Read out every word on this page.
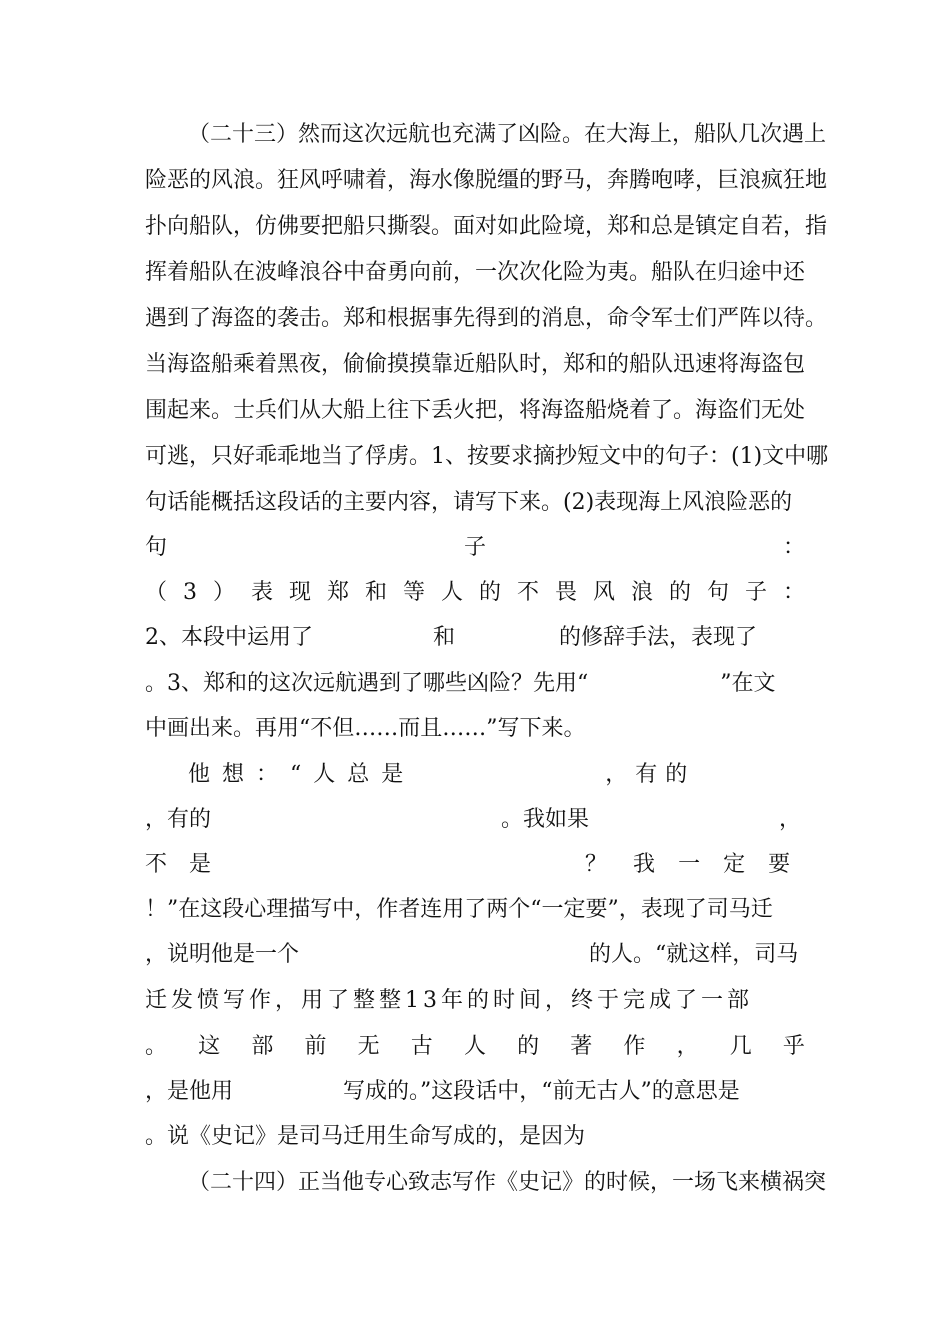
（二十三）然而这次远航也充满了凶险。在大海上，船队几次遇上
险恶的风浪。狂风呼啸着，海水像脱缰的野马，奔腾咆哮，巨浪疯狂地
扑向船队，仿佛要把船只撕裂。面对如此险境，郑和总是镇定自若，指
挥着船队在波峰浪谷中奋勇向前，一次次化险为夷。船队在归途中还
遇到了海盗的袭击。郑和根据事先得到的消息，命令军士们严阵以待。
当海盗船乘着黑夜，偷偷摸摸靠近船队时，郑和的船队迅速将海盗包
围起来。士兵们从大船上往下丢火把，将海盗船烧着了。海盗们无处
可逃，只好乖乖地当了俘虏。1、按要求摘抄短文中的句子：(1)文中哪
句话能概括这段话的主要内容，请写下来。(2)表现海上风浪险恶的
句	子	：
（ 3 ） 表 现 郑 和 等 人 的 不 畏 风 浪 的 句 子 ：
2、本段中运用了	和	的修辞手法，表现了
。3、郑和的这次远航遇到了哪些凶险？先用“	”在文
中画出来。再用“不但……而且……”写下来。
他想：“人总是	，有的
，有的	。我如果	，
不 是	？ 我 一 定 要
！”在这段心理描写中，作者连用了两个“一定要”，表现了司马迁
，说明他是一个	的人。“就这样，司马
迁发愤写作，用了整整13年的时间，终于完成了一部
。 这 部 前 无 古 人 的 著 作 ， 几 乎
，是他用	写成的。”这段话中，“前无古人”的意思是
。说《史记》是司马迁用生命写成的，是因为
（二十四）正当他专心致志写作《史记》的时候，一场飞来横祸突
